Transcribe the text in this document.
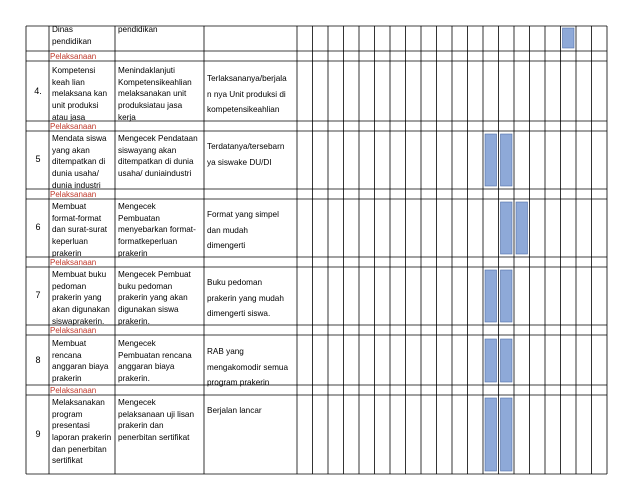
Dinas
pendidikan
pendidikan
Pelaksanaan
4.
Kompetensi
keah lian
melaksana kan
unit produksi
atau jasa
Menindaklanjuti
Kompetensikeahlian
melaksanakan unit
produksiatau jasa
kerja
Terlaksananya/berjala
n nya Unit produksi di
kompetensikeahlian
Pelaksanaan
5
Mendata siswa
yang akan
ditempatkan di
dunia usaha/
dunia industri
Mengecek Pendataan
siswayang akan
ditempatkan di dunia
usaha/ duniaindustri
Terdatanya/tersebarn
ya siswake DU/DI
Pelaksanaan
6
Membuat
format-format
dan surat-surat
keperluan
prakerin
Mengecek
Pembuatan
menyebarkan format-
formatkeperluan
prakerin
Format yang simpel
dan mudah
dimengerti
Pelaksanaan
7
Membuat buku
pedoman
prakerin yang
akan digunakan
siswaprakerin.
Mengecek Pembuat
buku pedoman
prakerin yang akan
digunakan siswa
prakerin.
Buku pedoman
prakerin yang mudah
dimengerti siswa.
Pelaksanaan
8
Membuat
rencana
anggaran biaya
prakerin
Mengecek
Pembuatan rencana
anggaran biaya
prakerin.
RAB yang
mengakomodir semua
program prakerin
Pelaksanaan
9
Melaksanakan
program
presentasi
laporan prakerin
dan penerbitan
sertifikat
Mengecek
pelaksanaan uji lisan
prakerin dan
penerbitan sertifikat
Berjalan lancar
